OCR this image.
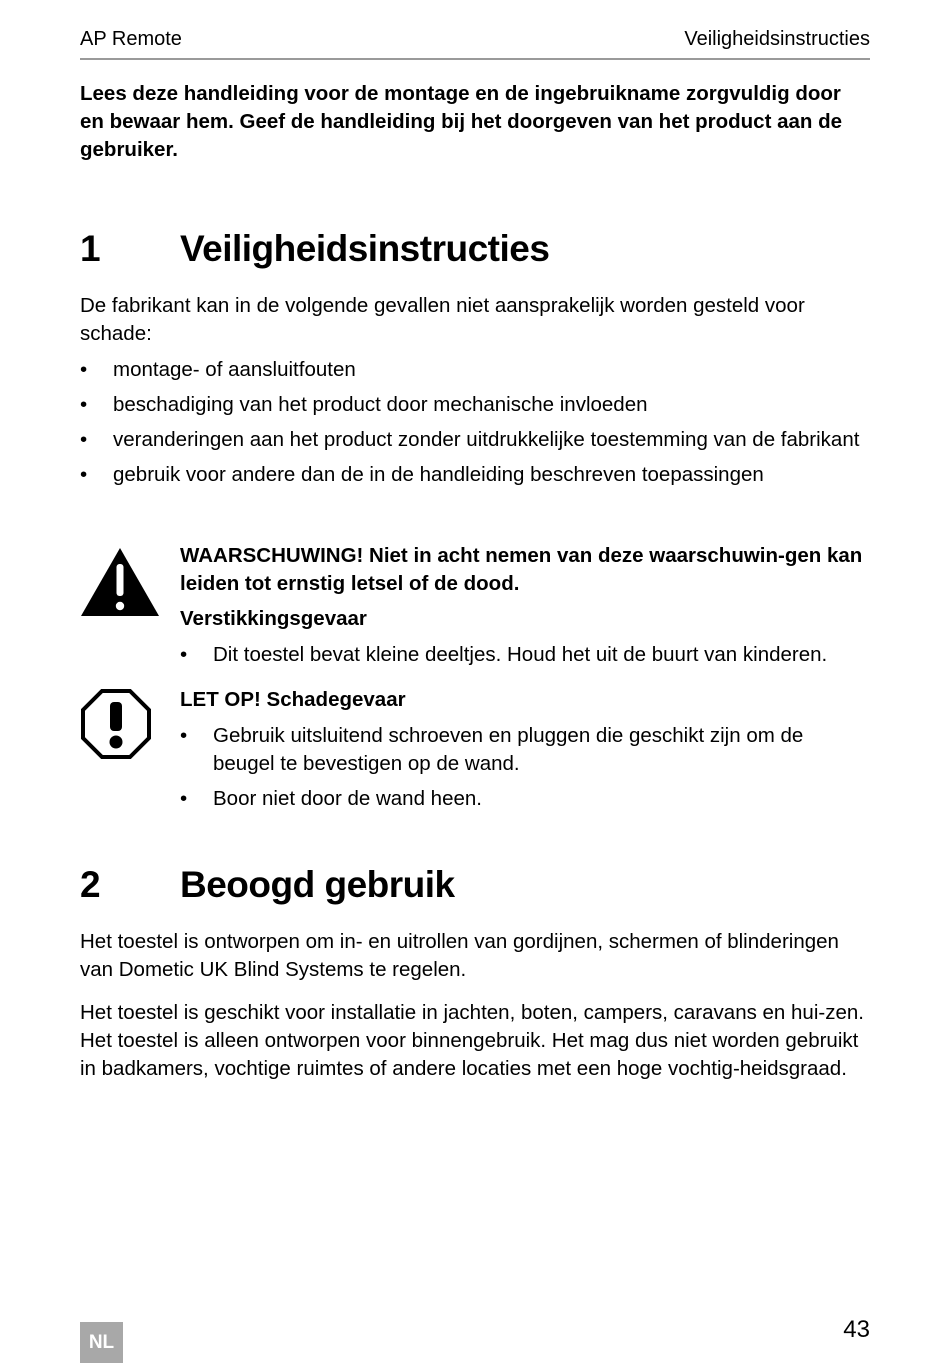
AP Remote	Veiligheidsinstructies

Lees deze handleiding voor de montage en de ingebruikname zorgvuldig door en bewaar hem. Geef de handleiding bij het doorgeven van het product aan de gebruiker.

1	Veiligheidsinstructies

De fabrikant kan in de volgende gevallen niet aansprakelijk worden gesteld voor schade:

• montage- of aansluitfouten
• beschadiging van het product door mechanische invloeden
• veranderingen aan het product zonder uitdrukkelijke toestemming van de fabrikant
• gebruik voor andere dan de in de handleiding beschreven toepassingen

WAARSCHUWING! Niet in acht nemen van deze waarschuwin-gen kan leiden tot ernstig letsel of de dood.

Verstikkingsgevaar

• Dit toestel bevat kleine deeltjes. Houd het uit de buurt van kinderen.

LET OP! Schadegevaar

• Gebruik uitsluitend schroeven en pluggen die geschikt zijn om de beugel te bevestigen op de wand.
• Boor niet door de wand heen.
2	Beoogd gebruik

Het toestel is ontworpen om in- en uitrollen van gordijnen, schermen of blinderingen van Dometic UK Blind Systems te regelen.

Het toestel is geschikt voor installatie in jachten, boten, campers, caravans en hui-zen. Het toestel is alleen ontworpen voor binnengebruik. Het mag dus niet worden gebruikt in badkamers, vochtige ruimtes of andere locaties met een hoge vochtig-heidsgraad.

NL	43
